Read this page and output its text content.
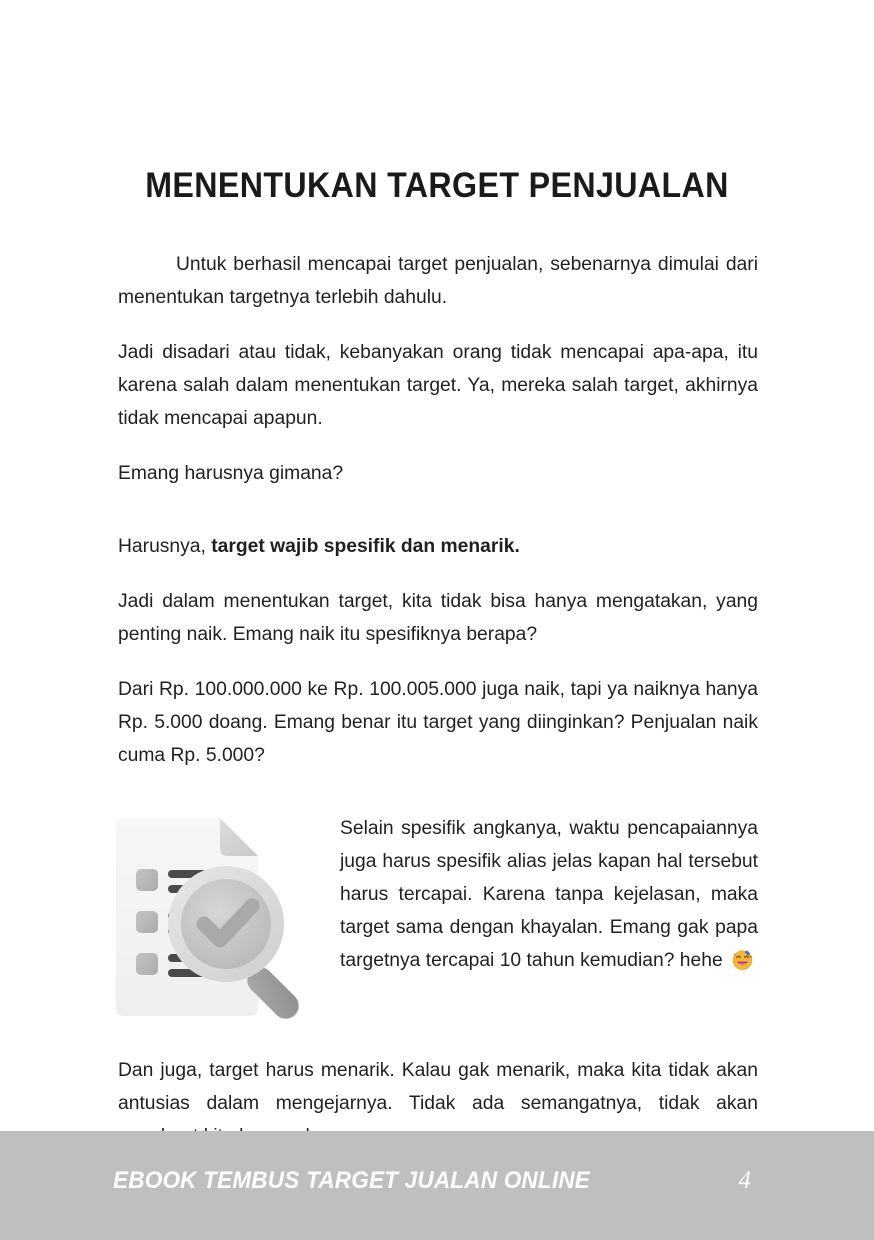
MENENTUKAN TARGET PENJUALAN

Untuk berhasil mencapai target penjualan, sebenarnya dimulai dari menentukan targetnya terlebih dahulu.

Jadi disadari atau tidak, kebanyakan orang tidak mencapai apa-apa, itu karena salah dalam menentukan target. Ya, mereka salah target, akhirnya tidak mencapai apapun.

Emang harusnya gimana?

Harusnya, target wajib spesifik dan menarik.

Jadi dalam menentukan target, kita tidak bisa hanya mengatakan, yang penting naik. Emang naik itu spesifiknya berapa?

Dari Rp. 100.000.000 ke Rp. 100.005.000 juga naik, tapi ya naiknya hanya Rp. 5.000 doang. Emang benar itu target yang diinginkan? Penjualan naik cuma Rp. 5.000?

Selain spesifik angkanya, waktu pencapaiannya juga harus spesifik alias jelas kapan hal tersebut harus tercapai. Karena tanpa kejelasan, maka target sama dengan khayalan. Emang gak papa targetnya tercapai 10 tahun kemudian? hehe

Dan juga, target harus menarik. Kalau gak menarik, maka kita tidak akan antusias dalam mengejarnya. Tidak ada semangatnya, tidak akan

EBOOK TEMBUS TARGET JUALAN ONLINE	4
